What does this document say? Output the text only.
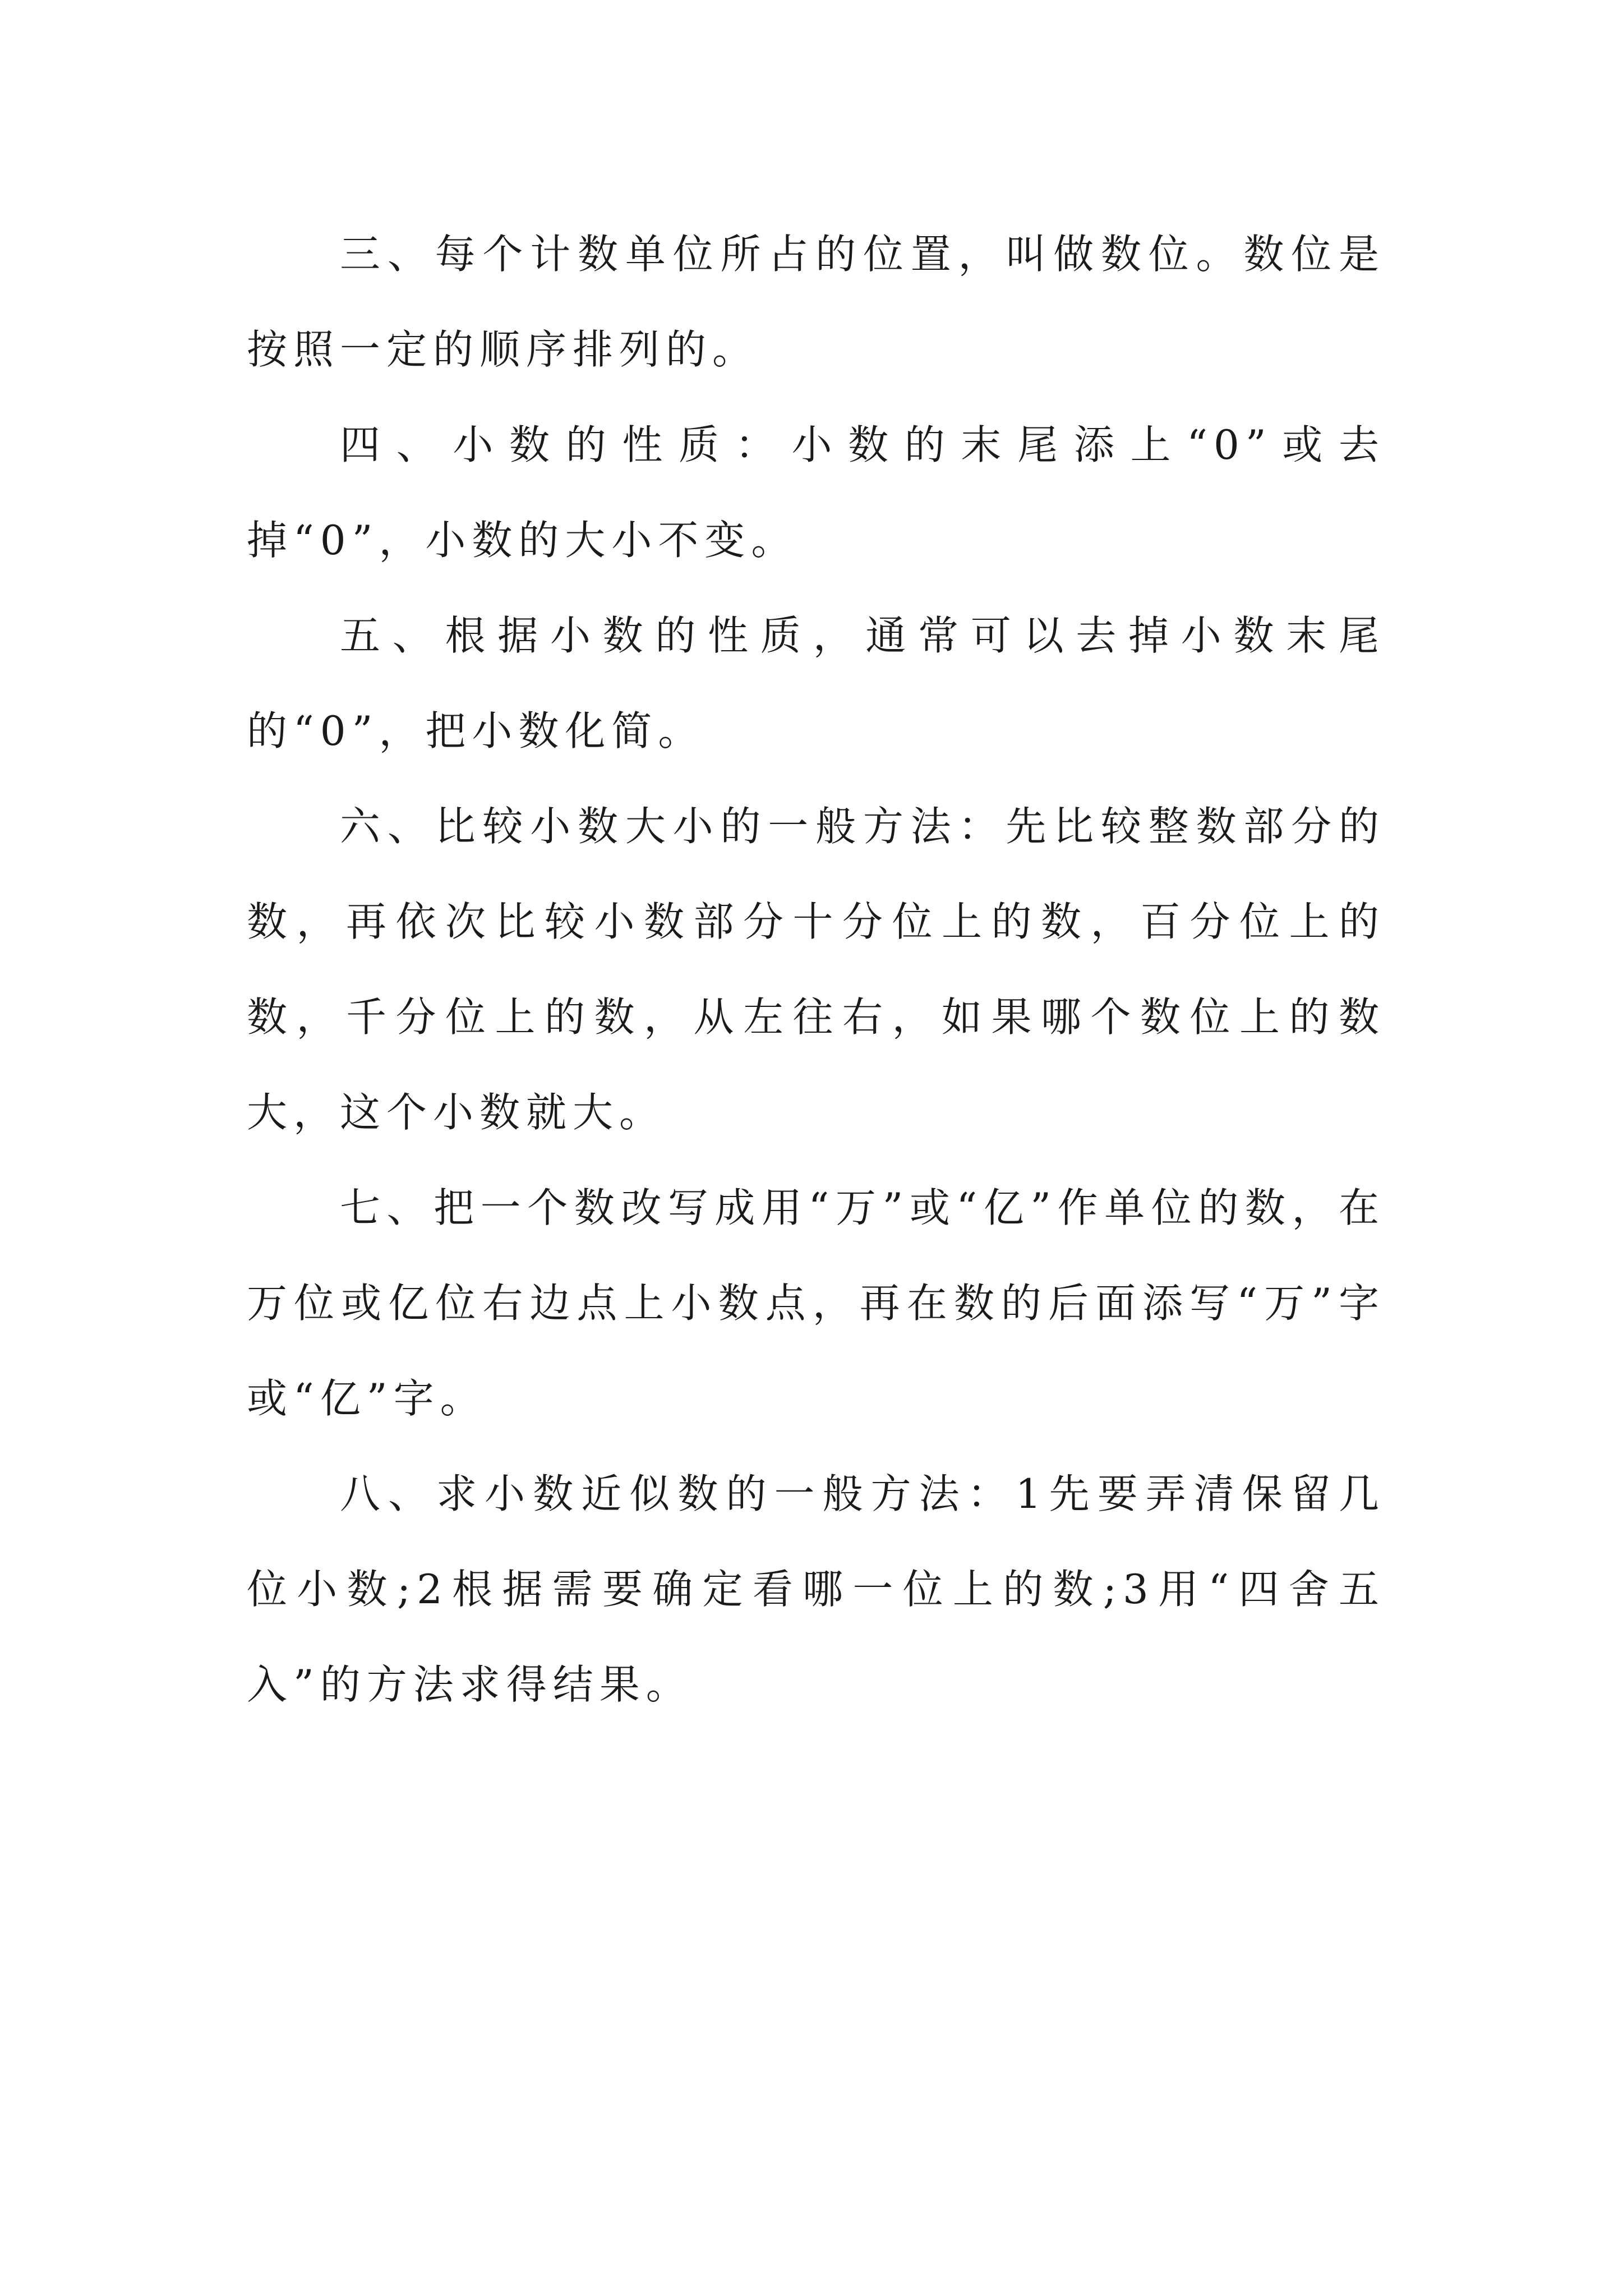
三、每个计数单位所占的位置，叫做数位。数位是按照一定的顺序排列的。

四、小数的性质：小数的末尾添上“0”或去掉“0”，小数的大小不变。

五、根据小数的性质，通常可以去掉小数末尾的“0”，把小数化简。

六、比较小数大小的一般方法：先比较整数部分的数，再依次比较小数部分十分位上的数，百分位上的数，千分位上的数，从左往右，如果哪个数位上的数大，这个小数就大。

七、把一个数改写成用“万”或“亿”作单位的数，在万位或亿位右边点上小数点，再在数的后面添写“万”字或“亿”字。

八、求小数近似数的一般方法：1先要弄清保留几位小数;2根据需要确定看哪一位上的数;3用“四舍五入”的方法求得结果。
